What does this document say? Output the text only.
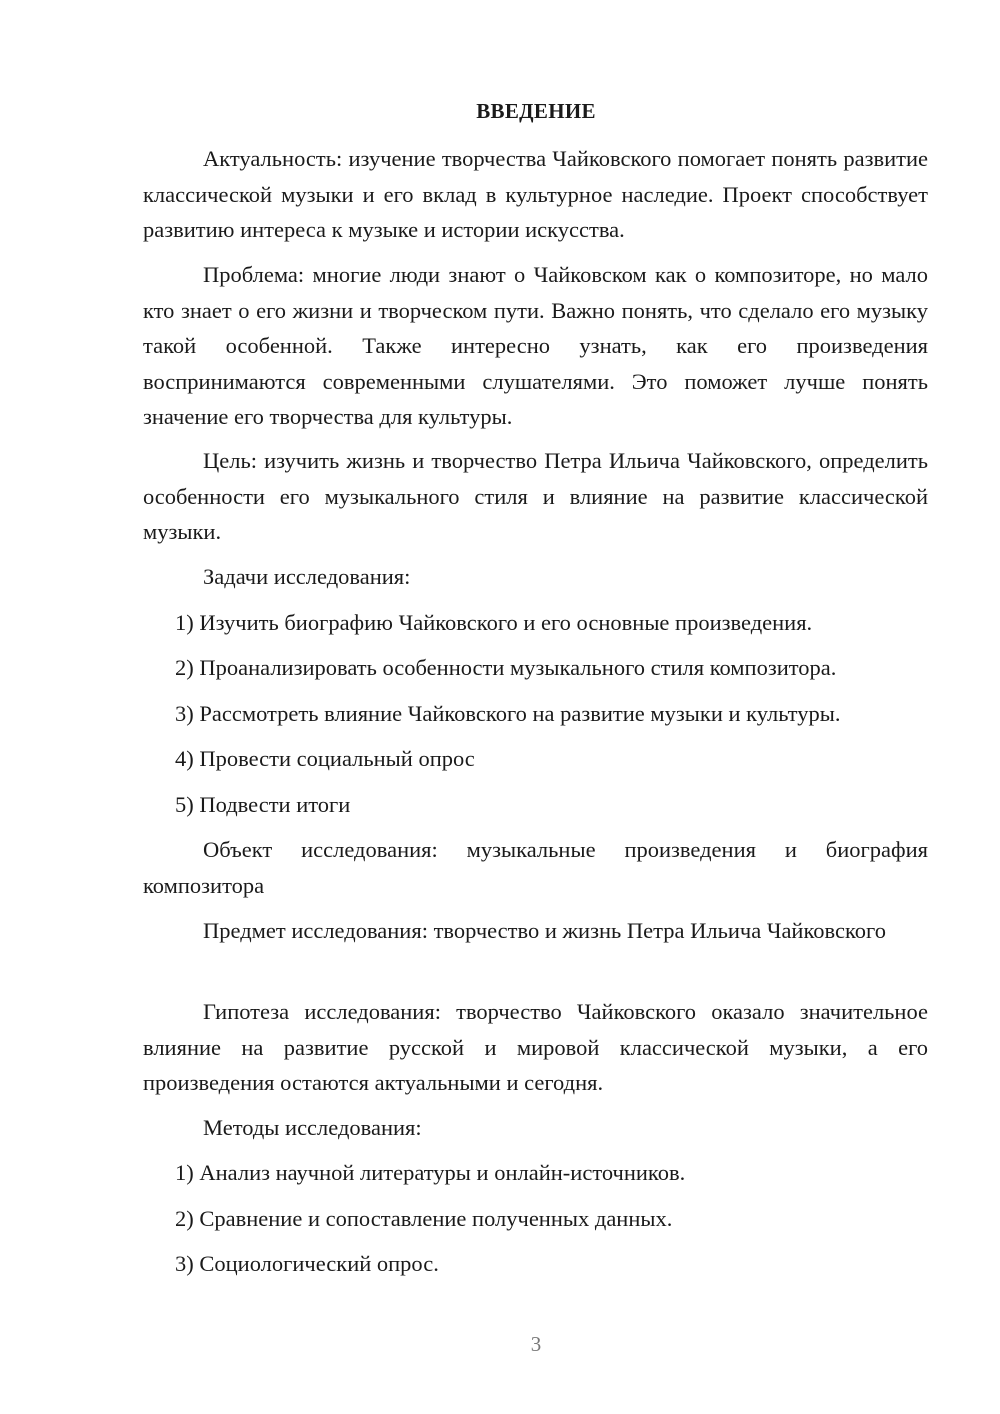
ВВЕДЕНИЕ

Актуальность: изучение творчества Чайковского помогает понять развитие классической музыки и его вклад в культурное наследие. Проект способствует развитию интереса к музыке и истории искусства.

Проблема: многие люди знают о Чайковском как о композиторе, но мало кто знает о его жизни и творческом пути. Важно понять, что сделало его музыку такой особенной. Также интересно узнать, как его произведения воспринимаются современными слушателями. Это поможет лучше понять значение его творчества для культуры.

Цель: изучить жизнь и творчество Петра Ильича Чайковского, определить особенности его музыкального стиля и влияние на развитие классической музыки.

Задачи исследования:

1) Изучить биографию Чайковского и его основные произведения.

2) Проанализировать особенности музыкального стиля композитора.

3) Рассмотреть влияние Чайковского на развитие музыки и культуры.

4) Провести социальный опрос

5) Подвести итоги

Объект исследования: музыкальные произведения и биография композитора

Предмет исследования: творчество и жизнь Петра Ильича Чайковского

Гипотеза исследования: творчество Чайковского оказало значительное влияние на развитие русской и мировой классической музыки, а его произведения остаются актуальными и сегодня.

Методы исследования:

1) Анализ научной литературы и онлайн-источников.

2) Сравнение и сопоставление полученных данных.

3) Социологический опрос.

3
